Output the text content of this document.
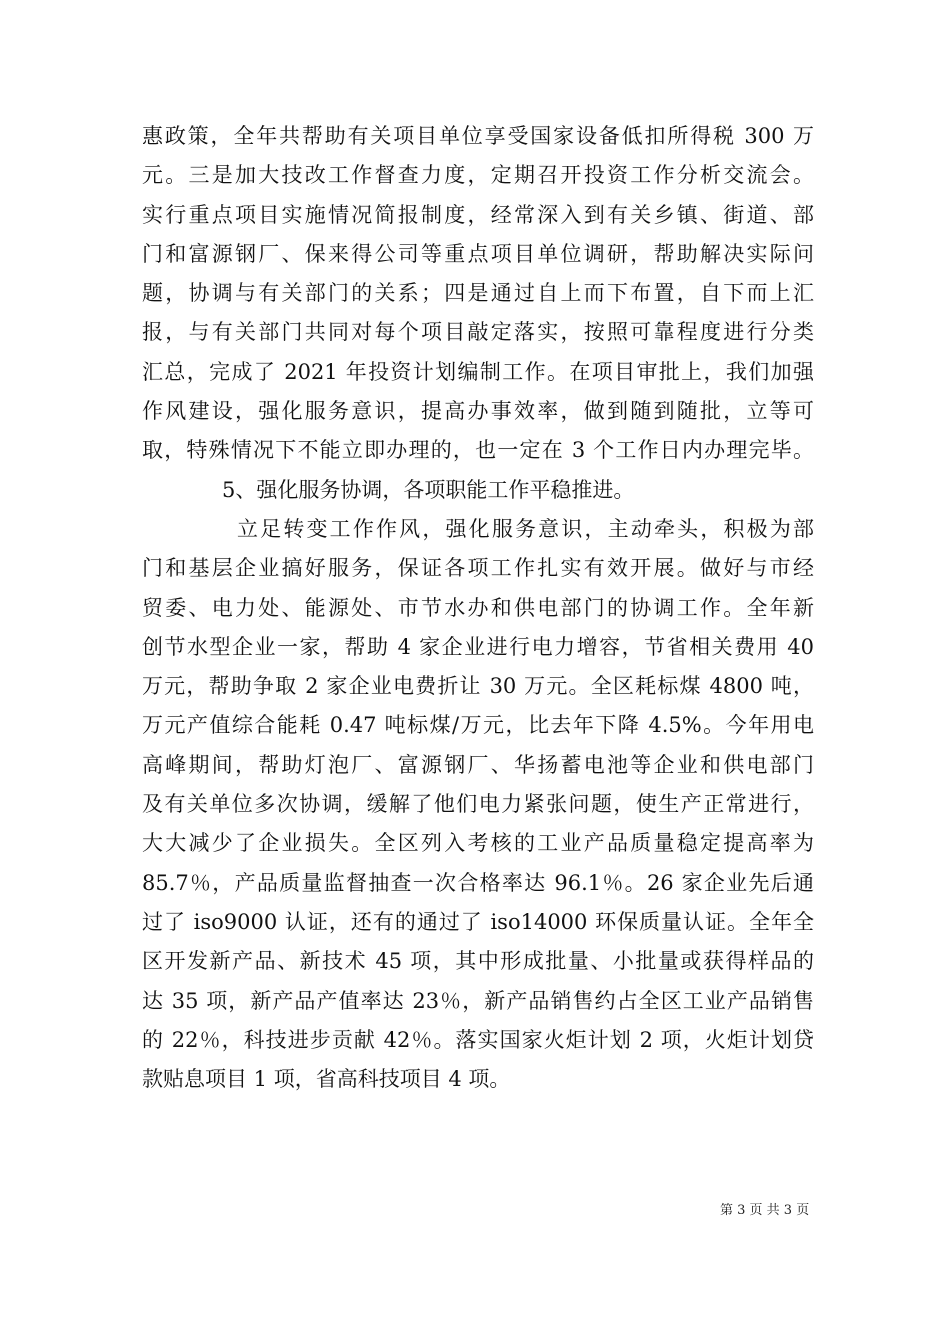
惠政策，全年共帮助有关项目单位享受国家设备低扣所得税 300 万
元。三是加大技改工作督查力度，定期召开投资工作分析交流会。
实行重点项目实施情况简报制度，经常深入到有关乡镇、街道、部
门和富源钢厂、保来得公司等重点项目单位调研，帮助解决实际问
题，协调与有关部门的关系；四是通过自上而下布置，自下而上汇
报，与有关部门共同对每个项目敲定落实，按照可靠程度进行分类
汇总，完成了 2021 年投资计划编制工作。在项目审批上，我们加强
作风建设，强化服务意识，提高办事效率，做到随到随批，立等可
取，特殊情况下不能立即办理的，也一定在 3 个工作日内办理完毕。
5、强化服务协调，各项职能工作平稳推进。
立足转变工作作风，强化服务意识，主动牵头，积极为部
门和基层企业搞好服务，保证各项工作扎实有效开展。做好与市经
贸委、电力处、能源处、市节水办和供电部门的协调工作。全年新
创节水型企业一家，帮助 4 家企业进行电力增容，节省相关费用 40
万元，帮助争取 2 家企业电费折让 30 万元。全区耗标煤 4800 吨，
万元产值综合能耗 0.47 吨标煤/万元，比去年下降 4.5%。今年用电
高峰期间，帮助灯泡厂、富源钢厂、华扬蓄电池等企业和供电部门
及有关单位多次协调，缓解了他们电力紧张问题，使生产正常进行，
大大减少了企业损失。全区列入考核的工业产品质量稳定提高率为
85.7％，产品质量监督抽查一次合格率达 96.1％。26 家企业先后通
过了 iso9000 认证，还有的通过了 iso14000 环保质量认证。全年全
区开发新产品、新技术 45 项，其中形成批量、小批量或获得样品的
达 35 项，新产品产值率达 23％，新产品销售约占全区工业产品销售
的 22％，科技进步贡献 42％。落实国家火炬计划 2 项，火炬计划贷
款贴息项目 1 项，省高科技项目 4 项。
第 3 页 共 3 页
